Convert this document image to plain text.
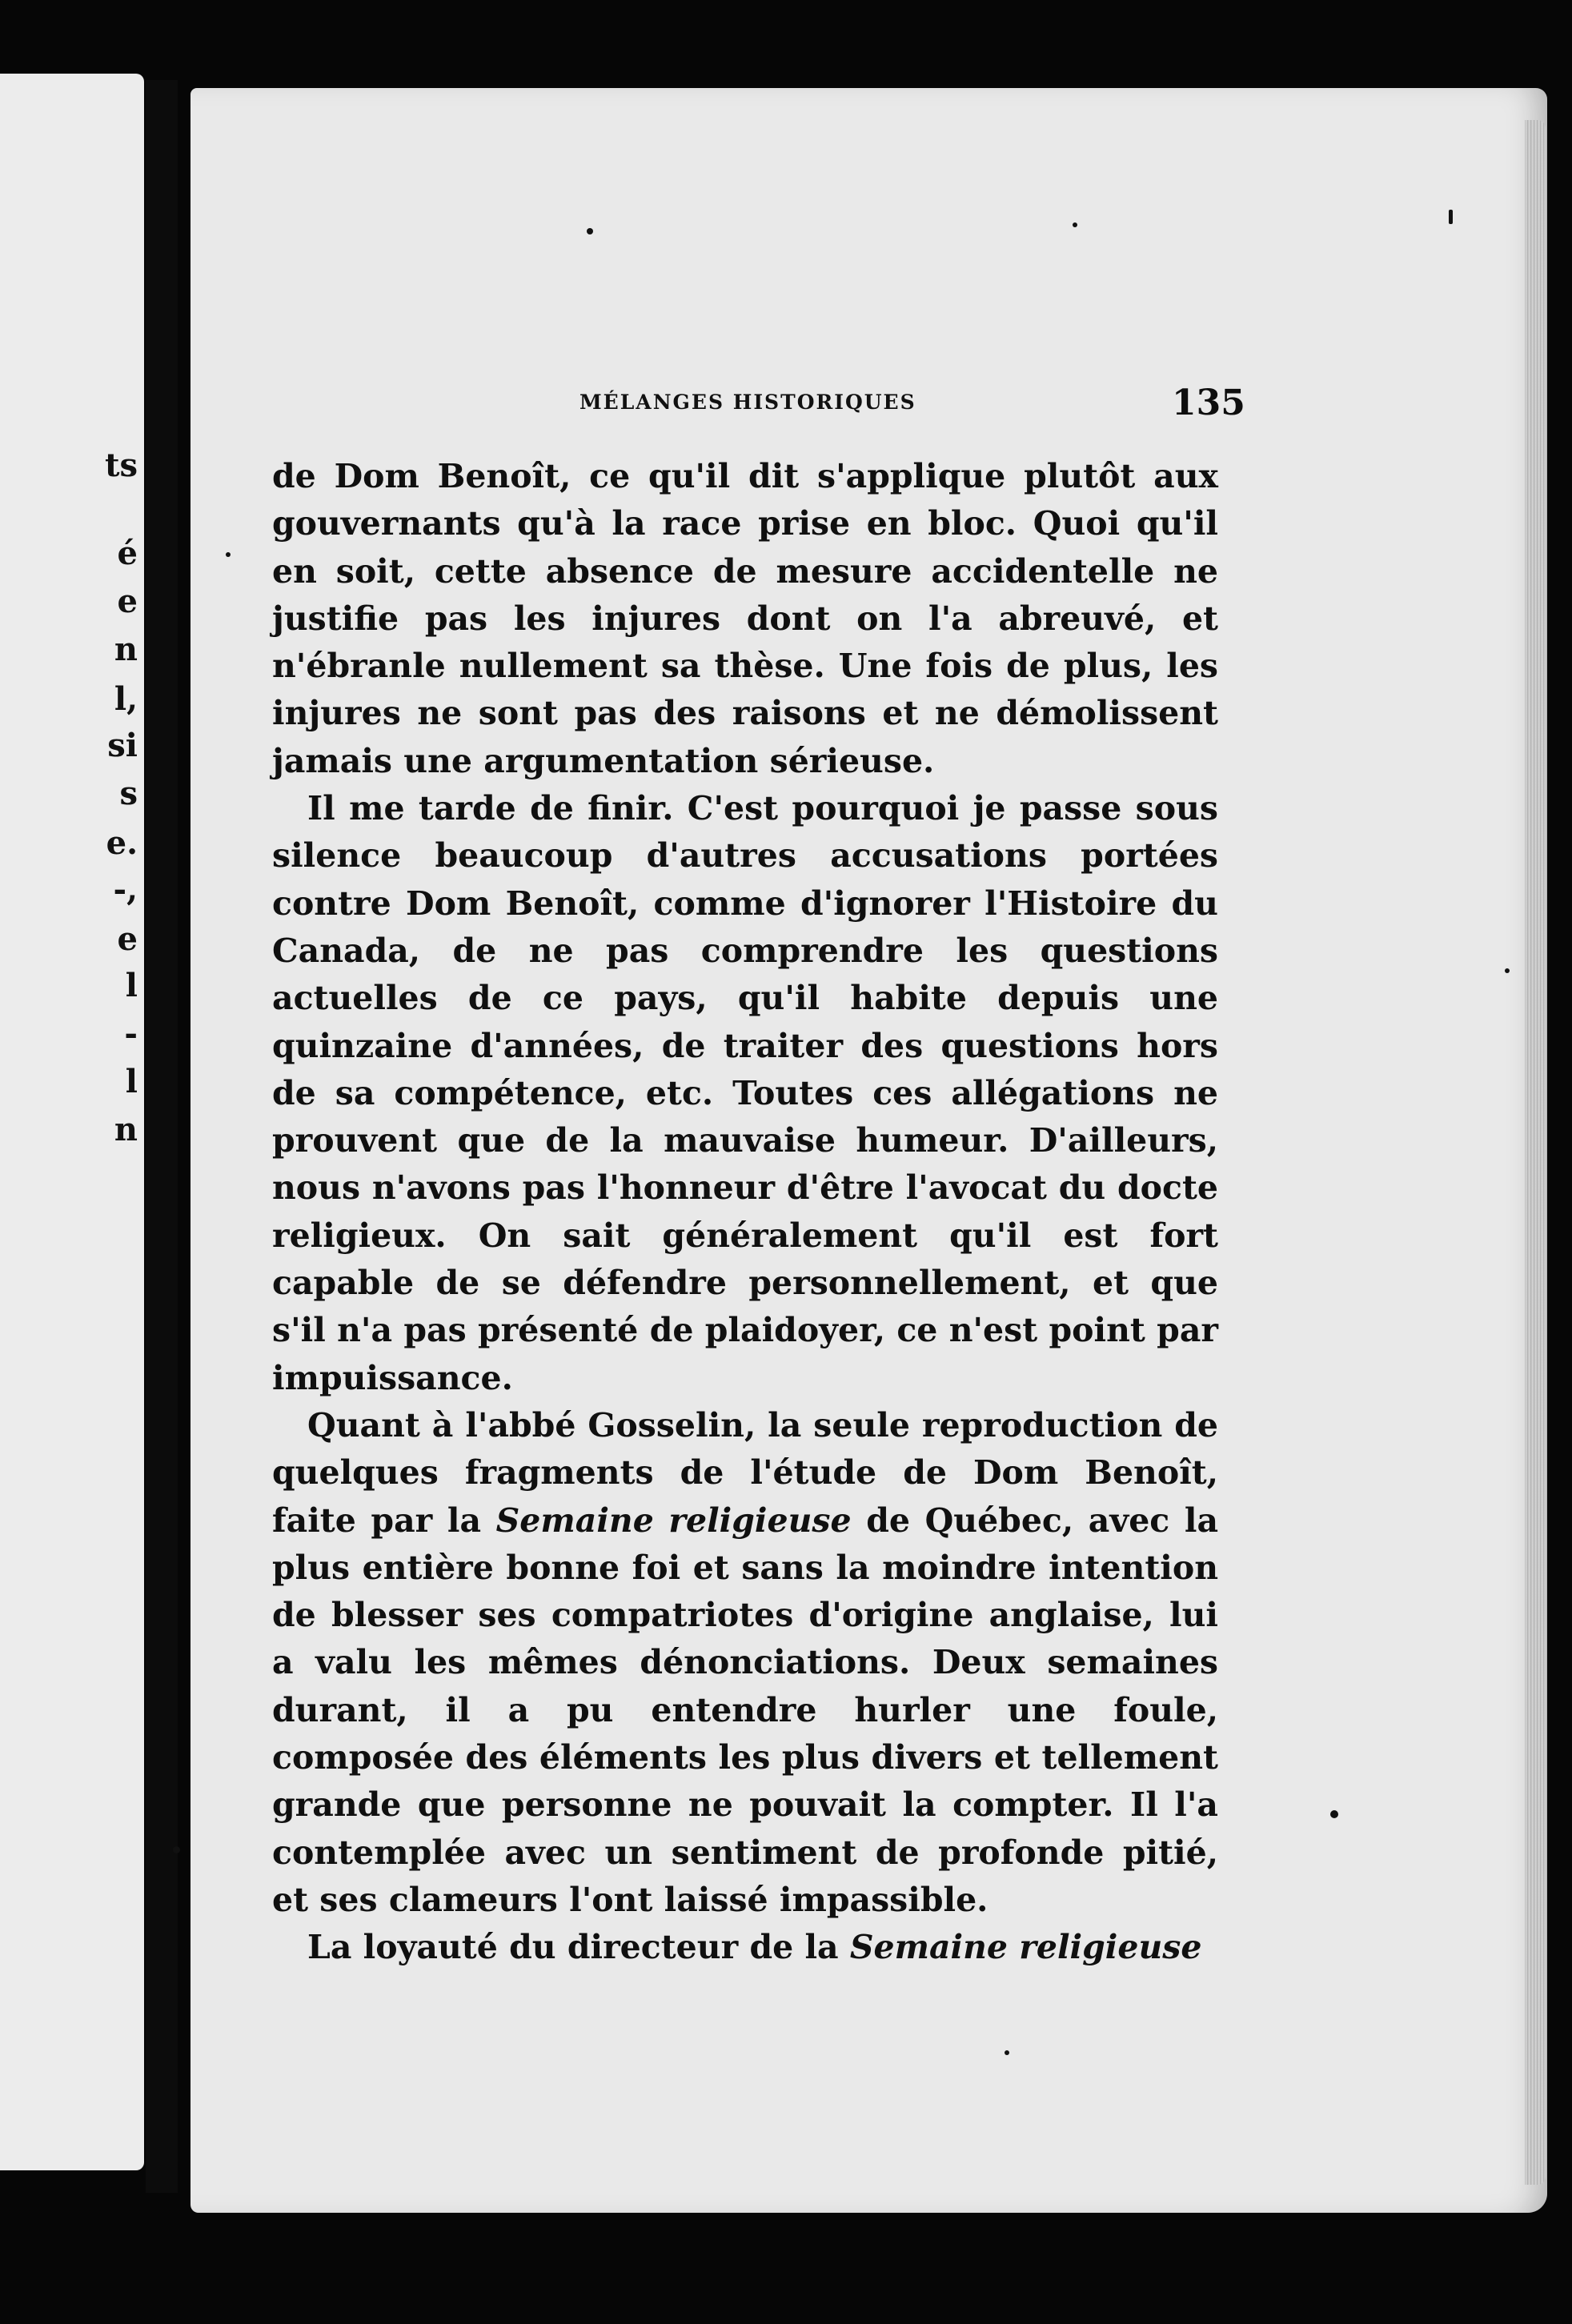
ts
é
e
n
l,
si
s
e.
-,
e
l
-
l
n
MÉLANGES HISTORIQUES	135

de Dom Benoît, ce qu'il dit s'applique plutôt aux gouvernants qu'à la race prise en bloc. Quoi qu'il en soit, cette absence de mesure accidentelle ne justifie pas les injures dont on l'a abreuvé, et n'ébranle nullement sa thèse. Une fois de plus, les injures ne sont pas des raisons et ne démolissent jamais une argumentation sérieuse.

Il me tarde de finir. C'est pourquoi je passe sous silence beaucoup d'autres accusations portées contre Dom Benoît, comme d'ignorer l'Histoire du Canada, de ne pas comprendre les questions actuelles de ce pays, qu'il habite depuis une quinzaine d'années, de traiter des questions hors de sa compétence, etc. Toutes ces allégations ne prouvent que de la mauvaise humeur. D'ailleurs, nous n'avons pas l'honneur d'être l'avocat du docte religieux. On sait généralement qu'il est fort capable de se défendre personnellement, et que s'il n'a pas présenté de plaidoyer, ce n'est point par impuissance.

Quant à l'abbé Gosselin, la seule reproduction de quelques fragments de l'étude de Dom Benoît, faite par la Semaine religieuse de Québec, avec la plus entière bonne foi et sans la moindre intention de blesser ses compatriotes d'origine anglaise, lui a valu les mêmes dénonciations. Deux semaines durant, il a pu entendre hurler une foule, composée des éléments les plus divers et tellement grande que personne ne pouvait la compter. Il l'a contemplée avec un sentiment de profonde pitié, et ses clameurs l'ont laissé impassible.

La loyauté du directeur de la Semaine religieuse
